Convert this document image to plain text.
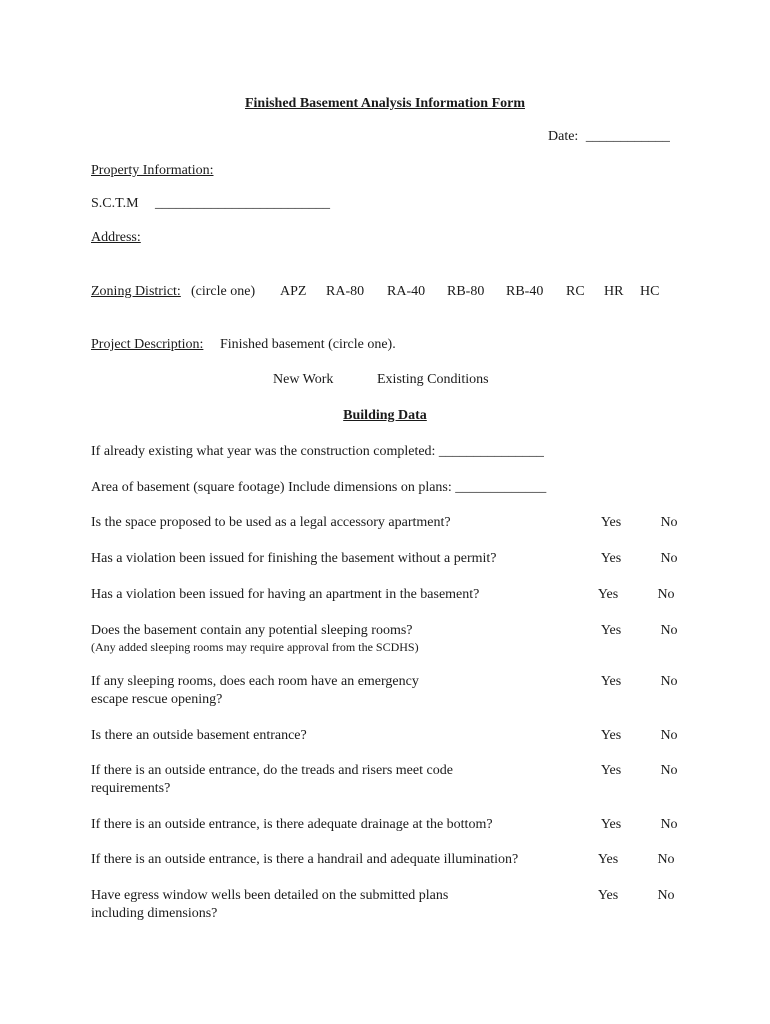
Finished Basement Analysis Information Form
Date: ____________
Property Information:
S.C.T.M _________________________
Address:
Zoning District: (circle one) APZ RA-80 RA-40 RB-80 RB-40 RC HR HC
Project Description: Finished basement (circle one).
New Work	Existing Conditions
Building Data
If already existing what year was the construction completed: _______________
Area of basement (square footage) Include dimensions on plans: _____________
Is the space proposed to be used as a legal accessory apartment?	Yes	No
Has a violation been issued for finishing the basement without a permit?	Yes	No
Has a violation been issued for having an apartment in the basement?	Yes	No
Does the basement contain any potential sleeping rooms?
(Any added sleeping rooms may require approval from the SCDHS)
Yes	No
If any sleeping rooms, does each room have an emergency
escape rescue opening?
Yes	No
Is there an outside basement entrance?	Yes	No
If there is an outside entrance, do the treads and risers meet code
requirements?
Yes	No
If there is an outside entrance, is there adequate drainage at the bottom?	Yes	No
If there is an outside entrance, is there a handrail and adequate illumination?	Yes	No
Have egress window wells been detailed on the submitted plans
including dimensions?
Yes	No
